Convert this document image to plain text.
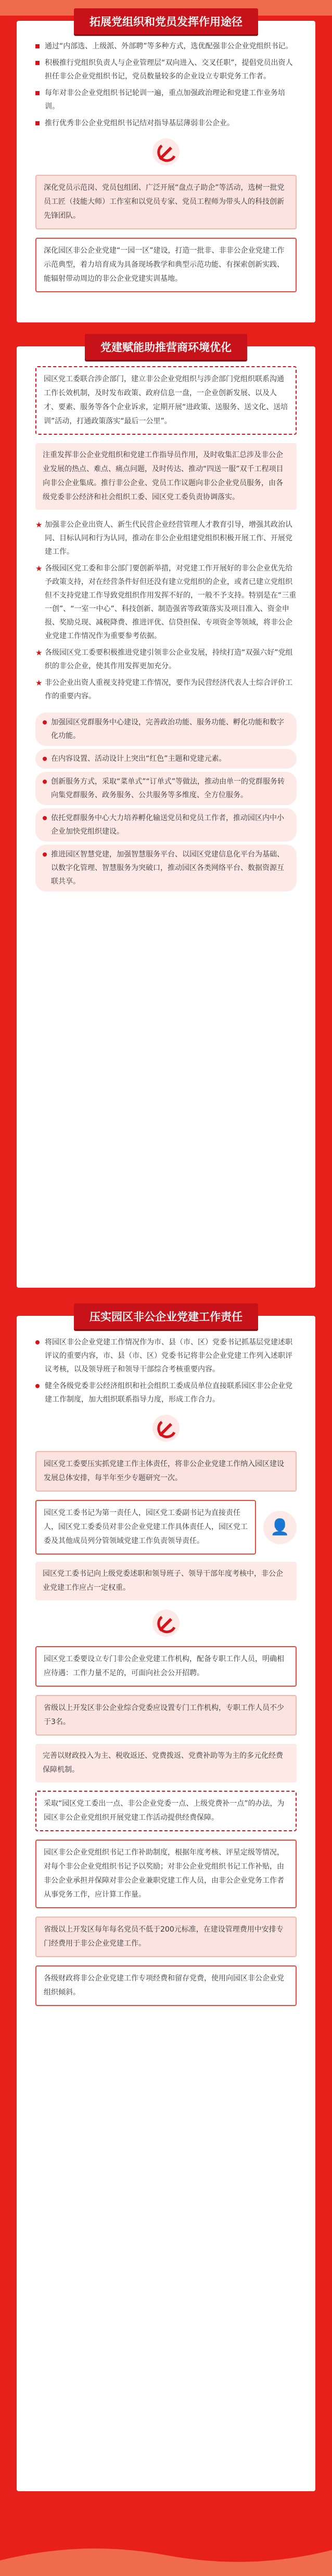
拓展党组织和党员发挥作用途径
通过“内部选、上级派、外部聘”等多种方式，选优配强非公企业党组织书记。
积极推行党组织负责人与企业管理层“双向进入、交叉任职”，提倡党员出资人担任非公企业党组织书记，党员数量较多的企业设立专职党务工作者。
每年对非公企业党组织书记轮训一遍，重点加强政治理论和党建工作业务培训。
推行优秀非公企业党组织书记结对指导基层薄弱非公企业。
深化党员示范岗、党员包组团、广泛开展“盘点子助企”等活动，选树一批党员工匠（技能大师）工作室和以党员专家、党员工程师为带头人的科技创新先锋团队。
深化园区非公企业党建“一园一区”建设，打造一批非、非非公企业党建工作示范典型，着力培育成为具备现场教学和典型示范功能、有探索创新实践、能辐射带动周边的非公企业党建实训基地。
党建赋能助推营商环境优化
园区党工委联合涉企部门，建立非公企业党组织与涉企部门党组织联系沟通工作长效机制，及时发布政策、政府信息一盘，一企业创新发展、以及人才、要素、服务等各个企业诉求，定期开展“进政策、送服务、送文化、送培训”活动，打通政策落实“最后一公里”。
注重发挥非公企业党组织和党建工作指导员作用，及时收集汇总涉及非公企业发展的热点、难点、痛点问题，及时传达、推动“四送一服”双千工程项目向非公企业集成。推行非公企业、党员工作议题向非公企业党员服务，由各级党委非公经济和社会组织工委、园区党工委负责协调落实。
★ 加强非公企业出资人、新生代民营企业经营管理人才教育引导，增强其政治认同、目标认同和行为认同，推动在非公企业组建党组织积极开展工作、开展党建工作。
★ 各级园区党工委和非公部门要创新举措，对党建工作开展好的非公企业优先给予政策支持，对在经营条件好但还没有建立党组织的企业，或者已建立党组织但不支持党建工作导致党组织作用发挥不好的，一般不予支持。特别是在“三重一创”、“一室一中心”、科技创新、制造强省等政策落实及项目准入、资金申报、奖励兑现、减税降费、推进评优、信贷担保、专项资金等领域，将非公企业党建工作情况作为重要参考依据。
★ 各级园区党工委要积极推进党建引领非公企业发展，持续打造“双强六好”党组织的非公企业，使其作用发挥更加充分。
★ 非公企业出资人重视支持党建工作情况，要作为民营经济代表人士综合评价工作的重要内容。
加强园区党群服务中心建设，完善政治功能、服务功能、孵化功能和数字化功能。
在内容设置、活动设计上突出“红色”主题和党建元素。
创新服务方式，采取“菜单式”“订单式”等做法，推动由单一的党群服务转向集党群服务、政务服务、公共服务等多维度、全方位服务。
依托党群服务中心大力培养孵化输送党员和党员工作者，推动园区内中小企业加快党组织建设。
推进园区智慧党建，加强智慧服务平台、以园区党建信息化平台为基础、以数字化管理、智慧服务为突破口，推动园区各类网络平台、数据资源互联共享。
压实园区非公企业党建工作责任
将园区非公企业党建工作情况作为市、县（市、区）党委书记抓基层党建述职评议的重要内容，市、县（市、区）党委书记将非公企业党建工作列入述职评议考核，以及领导班子和领导干部综合考核重要内容。
健全各级党委非公经济组织和社会组织工委成员单位直接联系园区非公企业党建工作制度，加大组织联系指导力度，形成工作合力。
园区党工委要压实抓党建工作主体责任，将非公企业党建工作纳入园区建设发展总体安排，每半年至少专题研究一次。
园区党工委书记为第一责任人，园区党工委副书记为直接责任人，园区党工委委员对非公企业党建工作具体责任人，园区党工委及其他成员列分管领域党建工作负责领导责任。
👤
园区党工委书记向上级党委述职和领导班子、领导干部年度考核中，非公企业党建工作应占一定权重。
园区党工委要设立专门非公企业党建工作机构，配备专职工作人员，明确相应待遇：工作力量不足的，可面向社会公开招聘。
省级以上开发区非公企业综合党委应设置专门工作机构，专职工作人员不少于3名。
完善以财政投入为主、税收返还、党费拨返、党费补助等为主的多元化经费保障机制。
采取“园区党工委出一点、非公企业党委一点、上级党费补一点”的办法，为园区非公企业党组织开展党建工作活动提供经费保障。
园区非公企业党组织书记工作补助制度，根据年度考核、评星定级等情况，对每个非公企业党组织书记予以奖励；对非公企业党组织书记工作补贴，由非公企业承担并保障对非公企业兼职党建工作人员，由非公企业党务工作者从事党务工作，应计算工作量。
省级以上开发区每年每名党员不低于200元标准，在建设管理费用中安排专门经费用于非公企业党建工作。
各级财政将非公企业党建工作专项经费和留存党费，使用向园区非公企业党组织倾斜。
